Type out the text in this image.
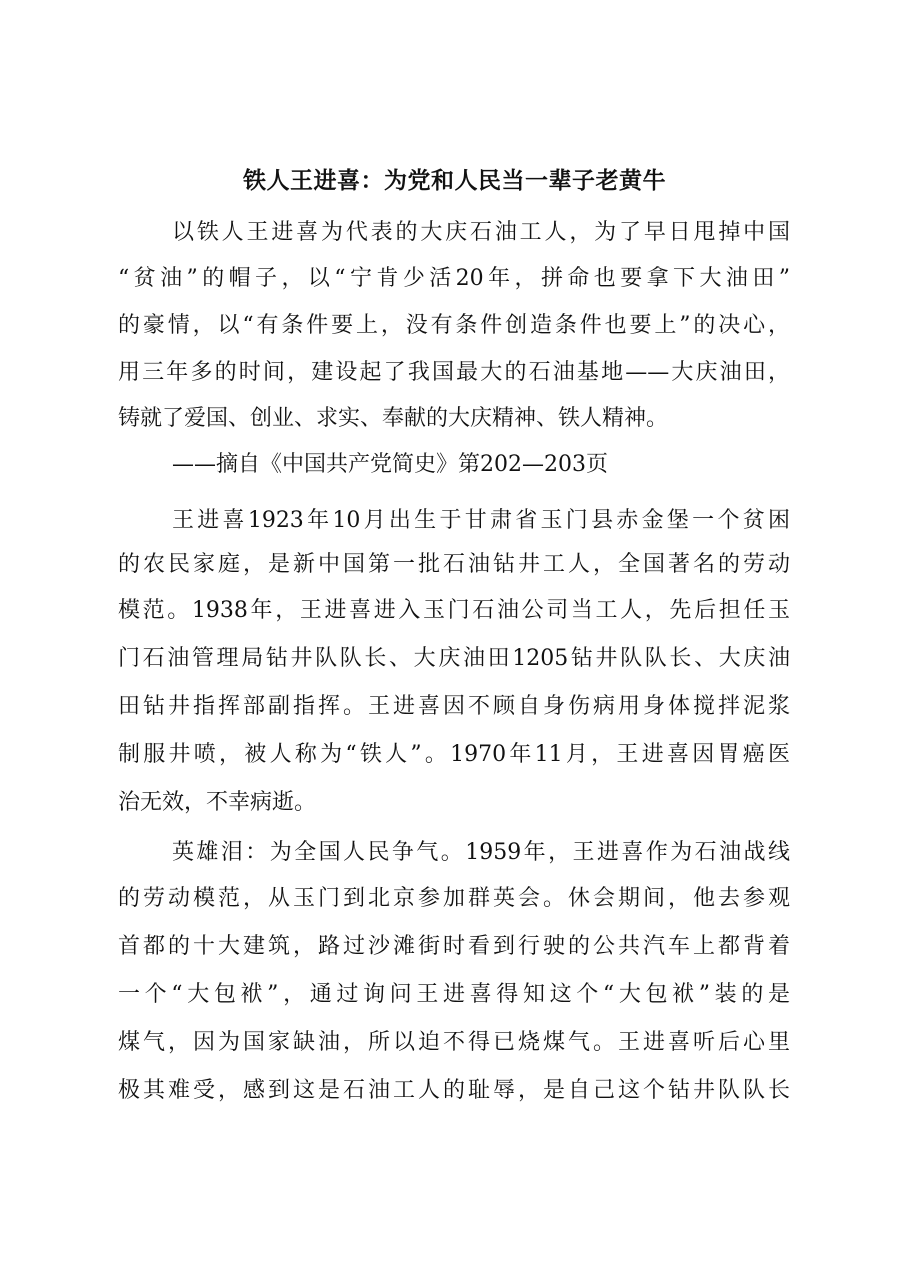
铁人王进喜：为党和人民当一辈子老黄牛
以铁人王进喜为代表的大庆石油工人，为了早日甩掉中国
“贫油”的帽子，以“宁肯少活20年，拼命也要拿下大油田”
的豪情，以“有条件要上，没有条件创造条件也要上”的决心，
用三年多的时间，建设起了我国最大的石油基地——大庆油田，
铸就了爱国、创业、求实、奉献的大庆精神、铁人精神。
——摘自《中国共产党简史》第202—203页
王进喜1923年10月出生于甘肃省玉门县赤金堡一个贫困
的农民家庭，是新中国第一批石油钻井工人，全国著名的劳动
模范。1938年，王进喜进入玉门石油公司当工人，先后担任玉
门石油管理局钻井队队长、大庆油田1205钻井队队长、大庆油
田钻井指挥部副指挥。王进喜因不顾自身伤病用身体搅拌泥浆
制服井喷，被人称为“铁人”。1970年11月，王进喜因胃癌医
治无效，不幸病逝。
英雄泪：为全国人民争气。1959年，王进喜作为石油战线
的劳动模范，从玉门到北京参加群英会。休会期间，他去参观
首都的十大建筑，路过沙滩街时看到行驶的公共汽车上都背着
一个“大包袱”，通过询问王进喜得知这个“大包袱”装的是
煤气，因为国家缺油，所以迫不得已烧煤气。王进喜听后心里
极其难受，感到这是石油工人的耻辱，是自己这个钻井队队长
